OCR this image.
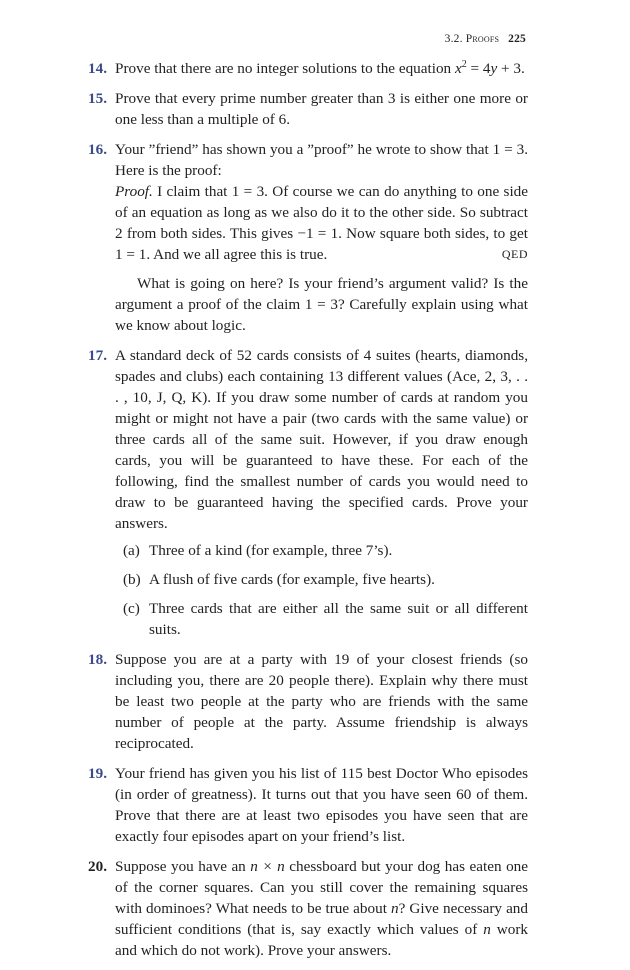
3.2. Proofs 225
14. Prove that there are no integer solutions to the equation $x^2 = 4y + 3$.

15. Prove that every prime number greater than 3 is either one more or one less than a multiple of 6.

16. Your ”friend” has shown you a ”proof” he wrote to show that 1 = 3. Here is the proof:

Proof. I claim that 1 = 3. Of course we can do anything to one side of an equation as long as we also do it to the other side. So subtract 2 from both sides. This gives −1 = 1. Now square both sides, to get 1 = 1. And we all agree this is true.	QED

What is going on here? Is your friend’s argument valid? Is the argument a proof of the claim 1 = 3? Carefully explain using what we know about logic.

17. A standard deck of 52 cards consists of 4 suites (hearts, diamonds, spades and clubs) each containing 13 different values (Ace, 2, 3, . . . , 10, J, Q, K). If you draw some number of cards at random you might or might not have a pair (two cards with the same value) or three cards all of the same suit. However, if you draw enough cards, you will be guaranteed to have these. For each of the following, find the smallest number of cards you would need to draw to be guaranteed having the specified cards. Prove your answers.

(a) Three of a kind (for example, three 7’s).
(b) A flush of five cards (for example, five hearts).
(c) Three cards that are either all the same suit or all different suits.
18. Suppose you are at a party with 19 of your closest friends (so including you, there are 20 people there). Explain why there must be least two people at the party who are friends with the same number of people at the party. Assume friendship is always reciprocated.

19. Your friend has given you his list of 115 best Doctor Who episodes (in order of greatness). It turns out that you have seen 60 of them. Prove that there are at least two episodes you have seen that are exactly four episodes apart on your friend’s list.

20. Suppose you have an n × n chessboard but your dog has eaten one of the corner squares. Can you still cover the remaining squares with dominoes? What needs to be true about n? Give necessary and sufficient conditions (that is, say exactly which values of n work and which do not work). Prove your answers.
